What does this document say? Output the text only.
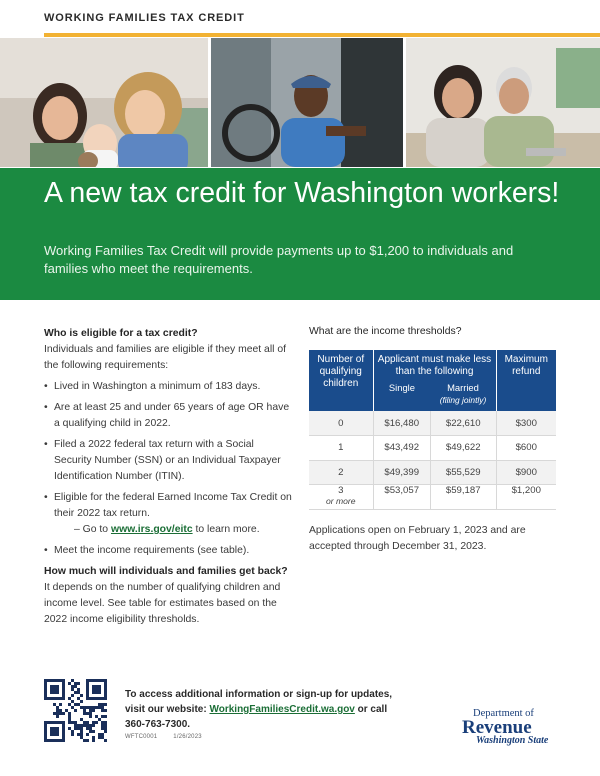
WORKING FAMILIES TAX CREDIT
A new tax credit for Washington workers!
Working Families Tax Credit will provide payments up to $1,200 to individuals and families who meet the requirements.
Who is eligible for a tax credit?

Individuals and families are eligible if they meet all of the following requirements:

• Lived in Washington a minimum of 183 days.
• Are at least 25 and under 65 years of age OR have a qualifying child in 2022.
• Filed a 2022 federal tax return with a Social Security Number (SSN) or an Individual Taxpayer Identification Number (ITIN).
• Eligible for the federal Earned Income Tax Credit on their 2022 tax return.
– Go to www.irs.gov/eitc to learn more.
• Meet the income requirements (see table).
How much will individuals and families get back?

It depends on the number of qualifying children and income level. See table for estimates based on the 2022 income eligibility thresholds.

What are the income thresholds?
Number of qualifying children	Applicant must make less than the following		Maximum refund
	Single	Married
(filing jointly)	

0	$16,480	$22,610	$300
1	$43,492	$49,622	$600
2	$49,399	$55,529	$900
3
or more	$53,057	$59,187	$1,200
Applications open on February 1, 2023 and are accepted through December 31, 2023.
To access additional information or sign-up for updates, visit our website: WorkingFamiliesCredit.wa.gov or call 360-763-7300.
WFTC0001	1/26/2023
Department of
Revenue
Washington State
